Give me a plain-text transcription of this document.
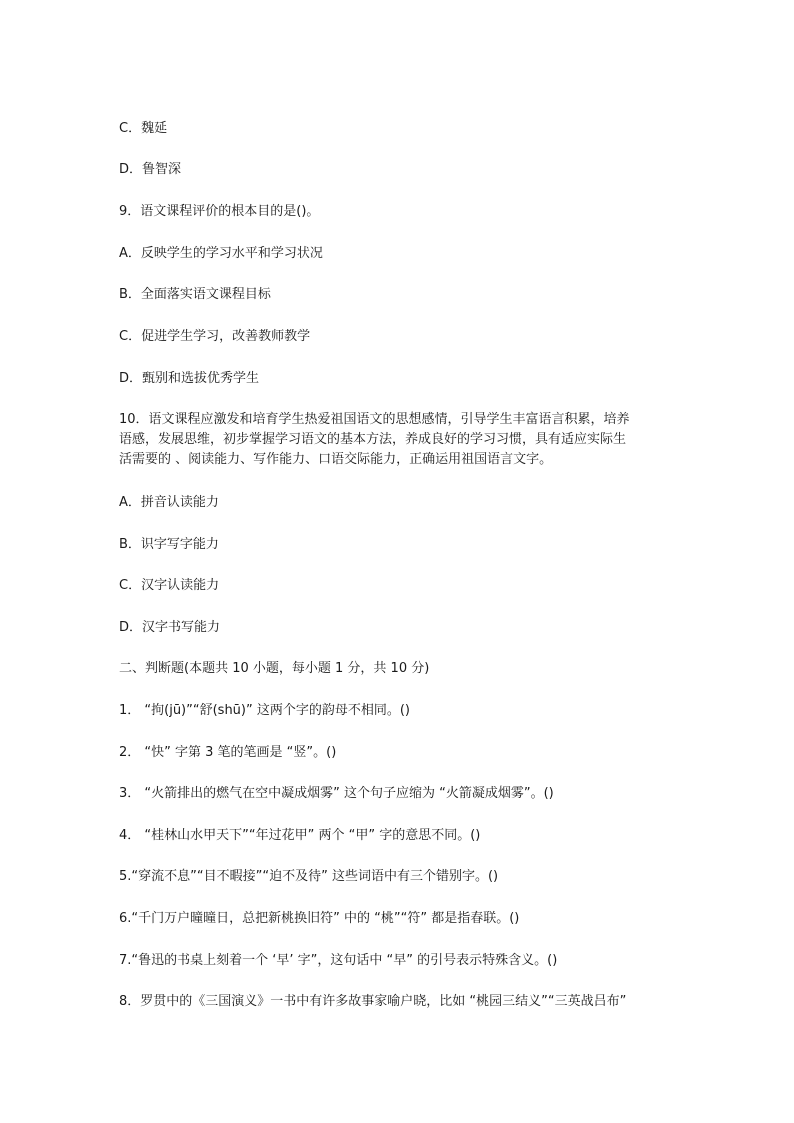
C．魏延
D．鲁智深
9．语文课程评价的根本目的是()。
A．反映学生的学习水平和学习状况
B．全面落实语文课程目标
C．促进学生学习，改善教师教学
D．甄别和选拔优秀学生
10．语文课程应激发和培育学生热爱祖国语文的思想感情，引导学生丰富语言积累，培养
语感，发展思维，初步掌握学习语文的基本方法，养成良好的学习习惯，具有适应实际生
活需要的 、阅读能力、写作能力、口语交际能力，正确运用祖国语言文字。
A．拼音认读能力
B．识字写字能力
C．汉字认读能力
D．汉字书写能力
二、判断题(本题共 10 小题，每小题 1 分，共 10 分)
1． “拘(jū)”“舒(shū)” 这两个字的韵母不相同。()
2． “快” 字第 3 笔的笔画是 “竖”。()
3． “火箭排出的燃气在空中凝成烟雾” 这个句子应缩为 “火箭凝成烟雾”。()
4． “桂林山水甲天下”“年过花甲” 两个 “甲” 字的意思不同。()
5.“穿流不息”“目不暇接”“迫不及待” 这些词语中有三个错别字。()
6.“千门万户曈曈日，总把新桃换旧符” 中的 “桃”“符” 都是指春联。()
7.“鲁迅的书桌上刻着一个 ‘早’ 字”，这句话中 “早” 的引号表示特殊含义。()
8．罗贯中的《三国演义》一书中有许多故事家喻户晓，比如 “桃园三结义”“三英战吕布”
